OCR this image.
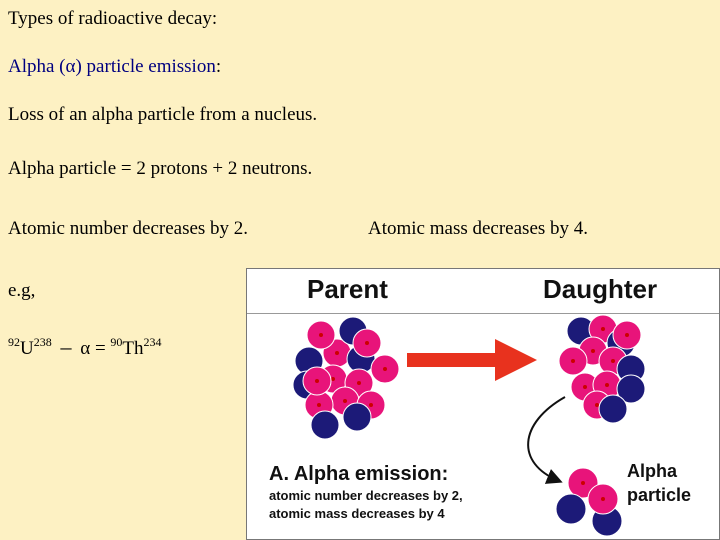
Types of radioactive decay:
Alpha (α) particle emission:
Loss of an alpha particle from a nucleus.
Alpha particle = 2 protons + 2 neutrons.
Atomic number decreases by 2.	Atomic mass decreases by 4.
e.g,
$^{92}U^{238} - \alpha = ^{90}Th^{234}$
Parent	Daughter
A. Alpha emission:
atomic number decreases by 2,
atomic mass decreases by 4
Alpha
particle
